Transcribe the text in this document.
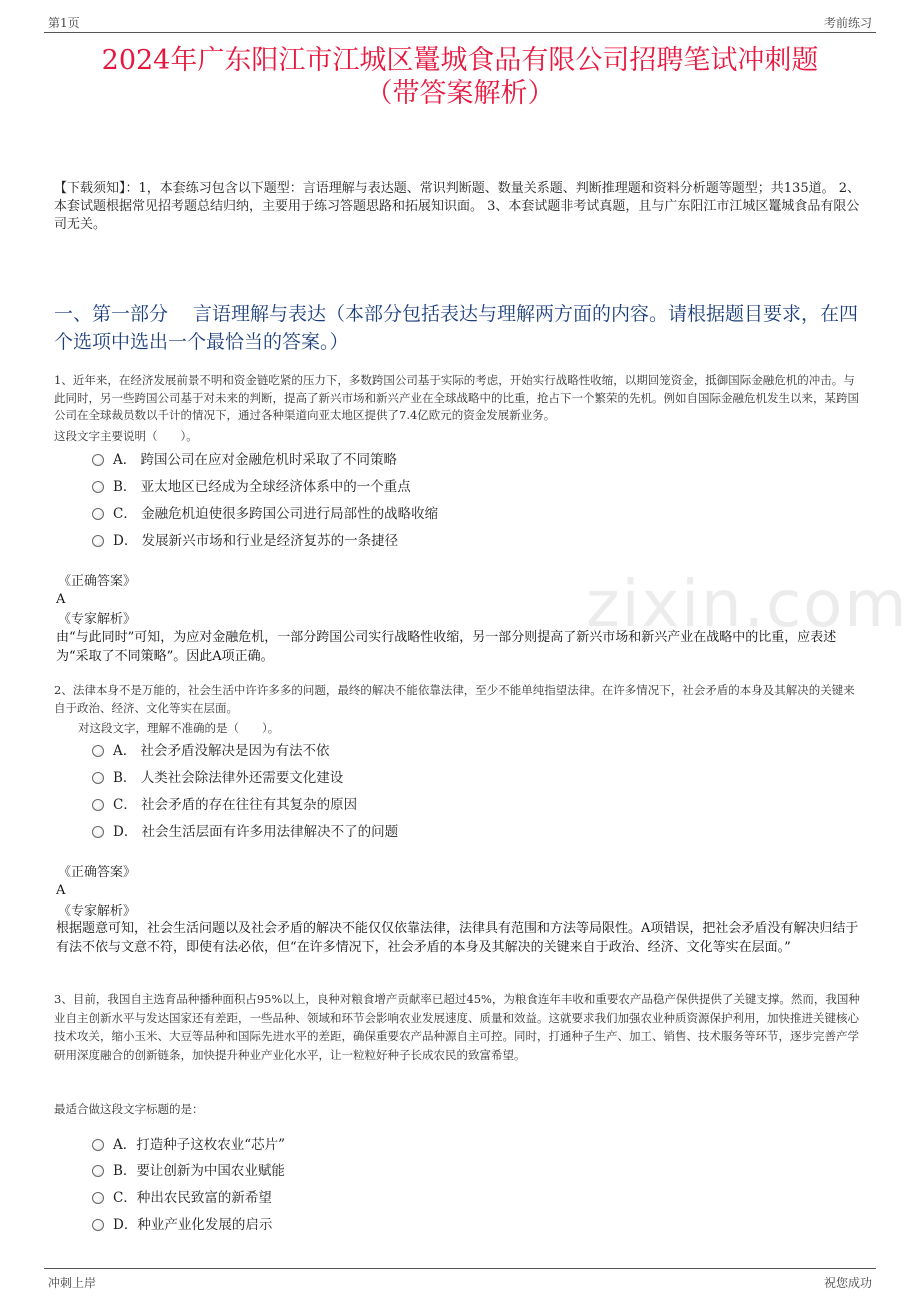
第1页	考前练习
2024年广东阳江市江城区鼍城食品有限公司招聘笔试冲刺题
（带答案解析）
【下载须知】：1，本套练习包含以下题型：言语理解与表达题、常识判断题、数量关系题、判断推理题和资料分析题等题型；共135道。 2、本套试题根据常见招考题总结归纳，主要用于练习答题思路和拓展知识面。 3、本套试题非考试真题，且与广东阳江市江城区鼍城食品有限公司无关。
一、第一部分　 言语理解与表达（本部分包括表达与理解两方面的内容。请根据题目要求，在四个选项中选出一个最恰当的答案。）
zixin.com
1、近年来，在经济发展前景不明和资金链吃紧的压力下，多数跨国公司基于实际的考虑，开始实行战略性收缩，以期回笼资金，抵御国际金融危机的冲击。与此同时，另一些跨国公司基于对未来的判断，提高了新兴市场和新兴产业在全球战略中的比重，抢占下一个繁荣的先机。例如自国际金融危机发生以来，某跨国公司在全球裁员数以千计的情况下，通过各种渠道向亚太地区提供了7.4亿欧元的资金发展新业务。
这段文字主要说明（　　）。
A． 跨国公司在应对金融危机时采取了不同策略
B． 亚太地区已经成为全球经济体系中的一个重点
C． 金融危机迫使很多跨国公司进行局部性的战略收缩
D． 发展新兴市场和行业是经济复苏的一条捷径
《正确答案》
A
《专家解析》
由“与此同时”可知，为应对金融危机，一部分跨国公司实行战略性收缩，另一部分则提高了新兴市场和新兴产业在战略中的比重，应表述为“采取了不同策略”。因此A项正确。
2、法律本身不是万能的，社会生活中许许多多的问题，最终的解决不能依靠法律，至少不能单纯指望法律。在许多情况下，社会矛盾的本身及其解决的关键来自于政治、经济、文化等实在层面。
对这段文字，理解不准确的是（　　）。
A． 社会矛盾没解决是因为有法不依
B． 人类社会除法律外还需要文化建设
C． 社会矛盾的存在往往有其复杂的原因
D． 社会生活层面有许多用法律解决不了的问题
《正确答案》
A
《专家解析》
根据题意可知，社会生活问题以及社会矛盾的解决不能仅仅依靠法律，法律具有范围和方法等局限性。A项错误，把社会矛盾没有解决归结于有法不依与文意不符，即使有法必依，但“在许多情况下，社会矛盾的本身及其解决的关键来自于政治、经济、文化等实在层面。”
3、目前，我国自主选育品种播种面积占95%以上，良种对粮食增产贡献率已超过45%，为粮食连年丰收和重要农产品稳产保供提供了关键支撑。然而，我国种业自主创新水平与发达国家还有差距，一些品种、领域和环节会影响农业发展速度、质量和效益。这就要求我们加强农业种质资源保护利用，加快推进关键核心技术攻关，缩小玉米、大豆等品种和国际先进水平的差距，确保重要农产品种源自主可控。同时，打通种子生产、加工、销售、技术服务等环节，逐步完善产学研用深度融合的创新链条，加快提升种业产业化水平，让一粒粒好种子长成农民的致富希望。
最适合做这段文字标题的是：
A．打造种子这枚农业“芯片”
B．要让创新为中国农业赋能
C．种出农民致富的新希望
D．种业产业化发展的启示
冲刺上岸	祝您成功
